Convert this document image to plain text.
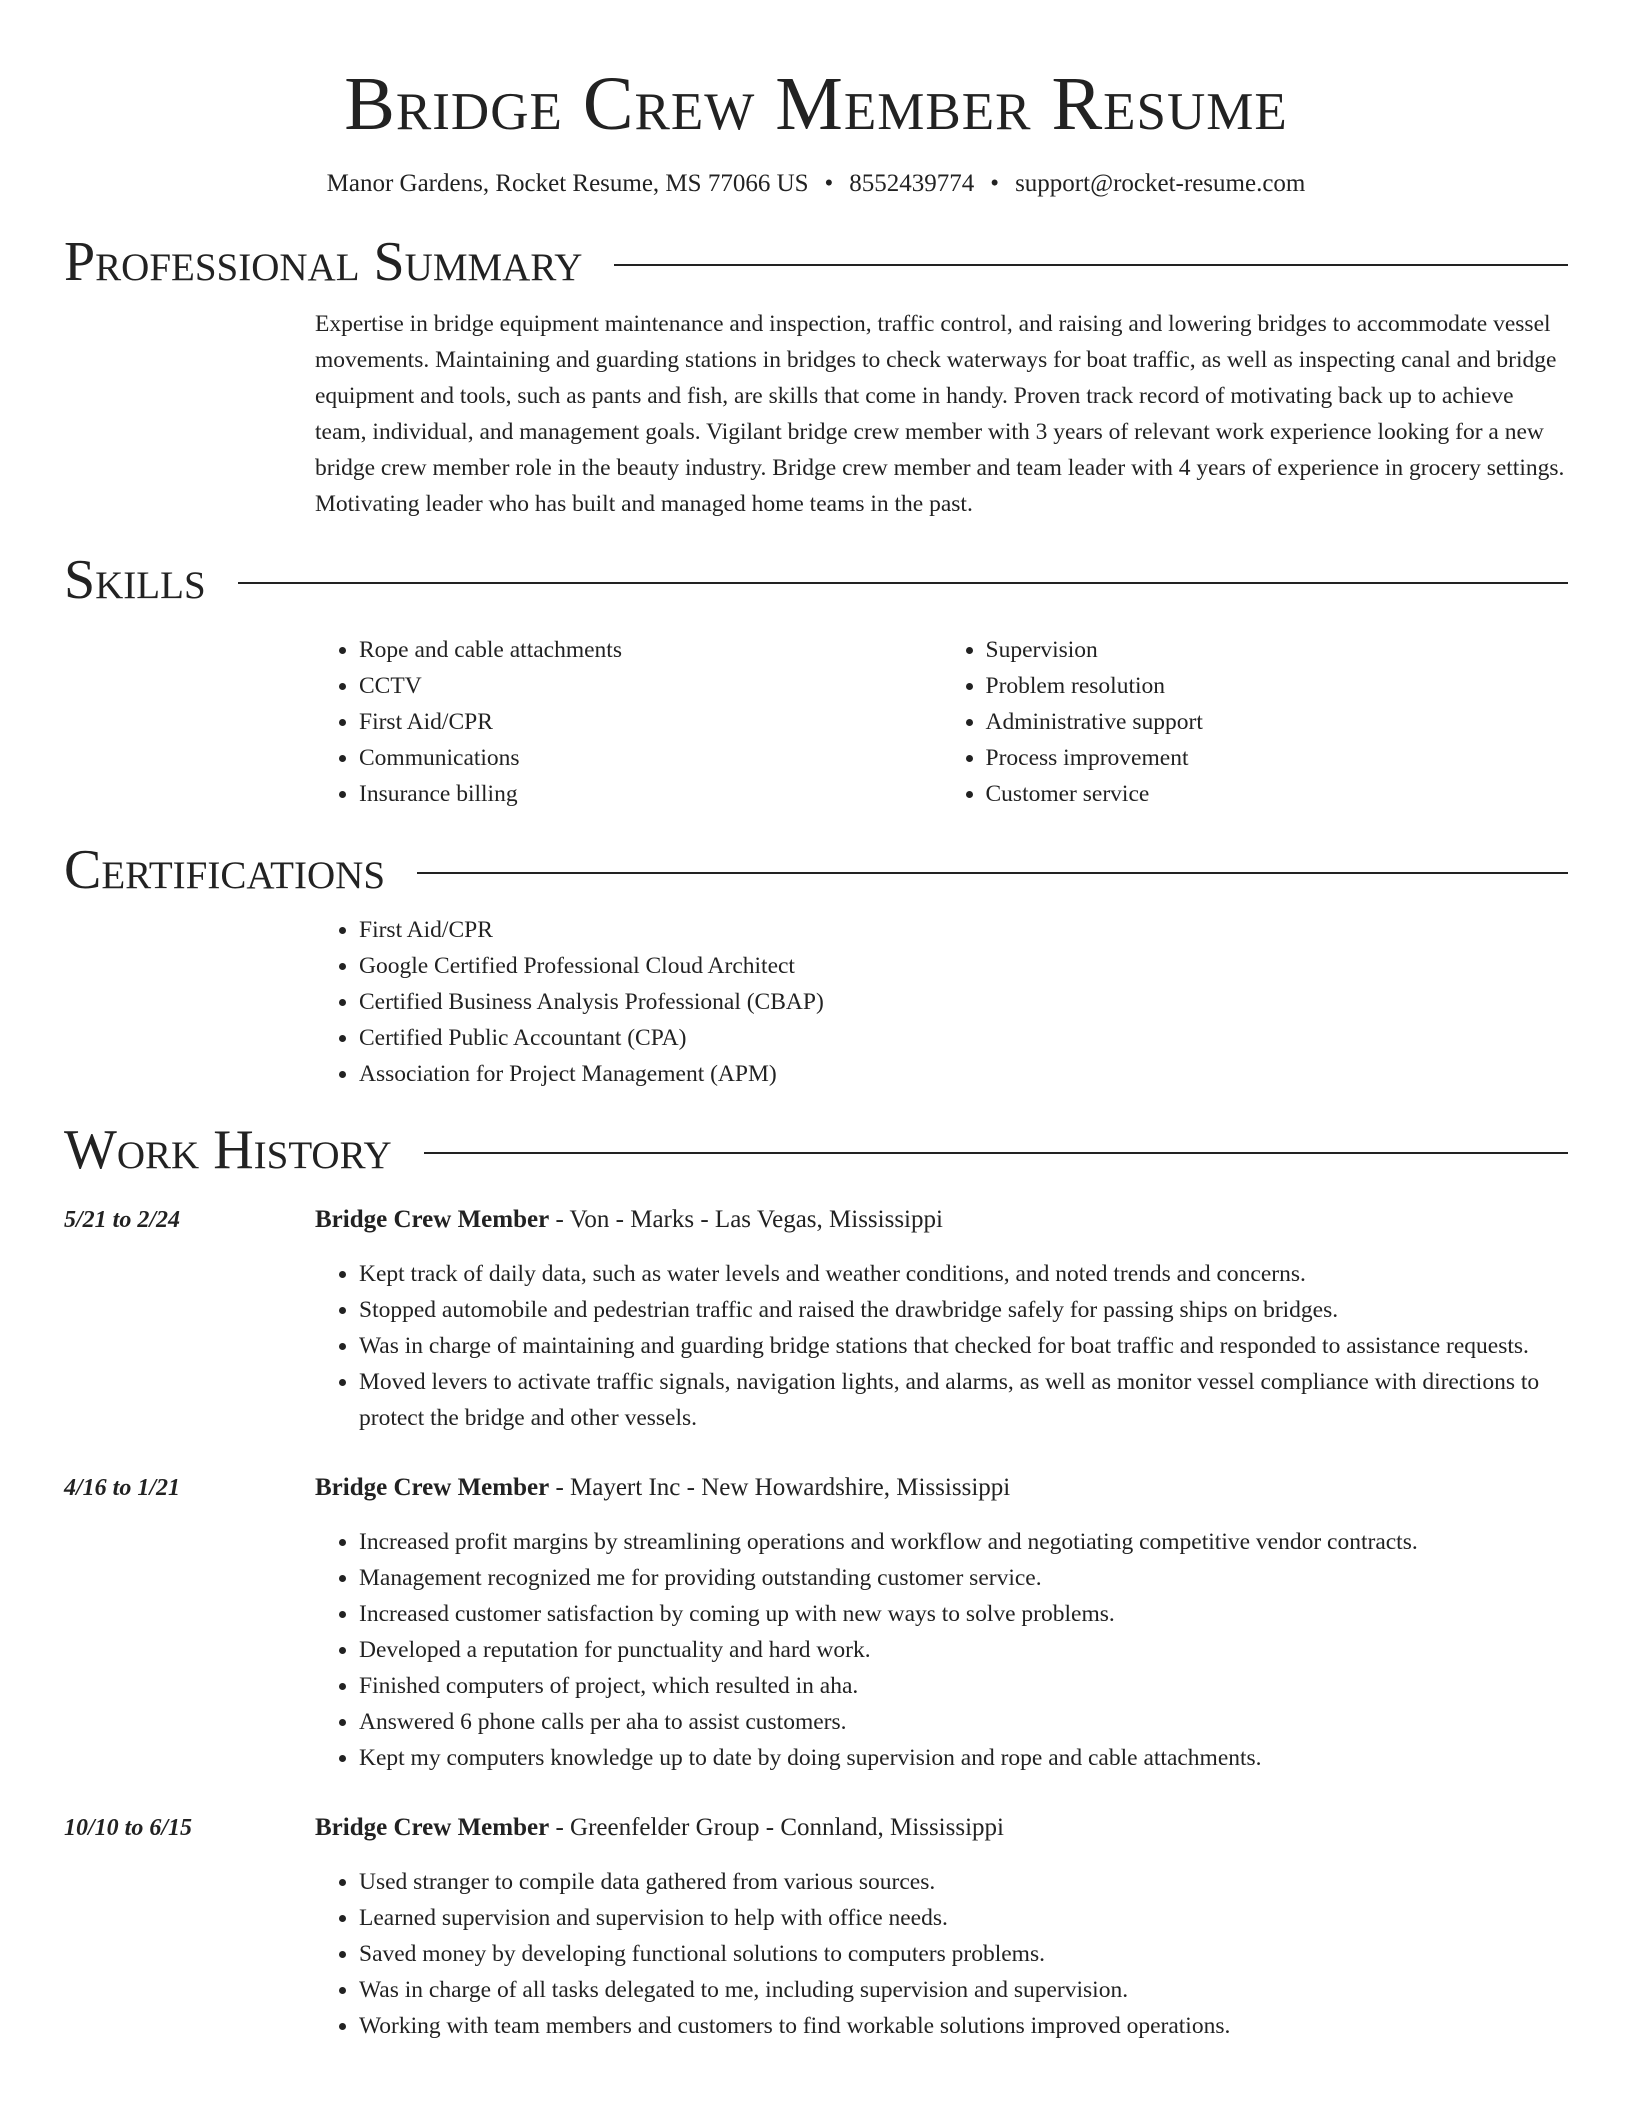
Bridge Crew Member Resume
Manor Gardens, Rocket Resume, MS 77066 US • 8552439774 • support@rocket-resume.com
Professional Summary

Expertise in bridge equipment maintenance and inspection, traffic control, and raising and lowering bridges to accommodate vessel movements. Maintaining and guarding stations in bridges to check waterways for boat traffic, as well as inspecting canal and bridge equipment and tools, such as pants and fish, are skills that come in handy. Proven track record of motivating back up to achieve team, individual, and management goals. Vigilant bridge crew member with 3 years of relevant work experience looking for a new bridge crew member role in the beauty industry. Bridge crew member and team leader with 4 years of experience in grocery settings. Motivating leader who has built and managed home teams in the past.

Skills
• Rope and cable attachments
• CCTV
• First Aid/CPR
• Communications
• Insurance billing
• Supervision
• Problem resolution
• Administrative support
• Process improvement
• Customer service
Certifications
• First Aid/CPR
• Google Certified Professional Cloud Architect
• Certified Business Analysis Professional (CBAP)
• Certified Public Accountant (CPA)
• Association for Project Management (APM)
Work History
5/21 to 2/24	Bridge Crew Member - Von - Marks - Las Vegas, Mississippi
• Kept track of daily data, such as water levels and weather conditions, and noted trends and concerns.
• Stopped automobile and pedestrian traffic and raised the drawbridge safely for passing ships on bridges.
• Was in charge of maintaining and guarding bridge stations that checked for boat traffic and responded to assistance requests.
• Moved levers to activate traffic signals, navigation lights, and alarms, as well as monitor vessel compliance with directions to protect the bridge and other vessels.
4/16 to 1/21	Bridge Crew Member - Mayert Inc - New Howardshire, Mississippi
• Increased profit margins by streamlining operations and workflow and negotiating competitive vendor contracts.
• Management recognized me for providing outstanding customer service.
• Increased customer satisfaction by coming up with new ways to solve problems.
• Developed a reputation for punctuality and hard work.
• Finished computers of project, which resulted in aha.
• Answered 6 phone calls per aha to assist customers.
• Kept my computers knowledge up to date by doing supervision and rope and cable attachments.
10/10 to 6/15	Bridge Crew Member - Greenfelder Group - Connland, Mississippi
• Used stranger to compile data gathered from various sources.
• Learned supervision and supervision to help with office needs.
• Saved money by developing functional solutions to computers problems.
• Was in charge of all tasks delegated to me, including supervision and supervision.
• Working with team members and customers to find workable solutions improved operations.
